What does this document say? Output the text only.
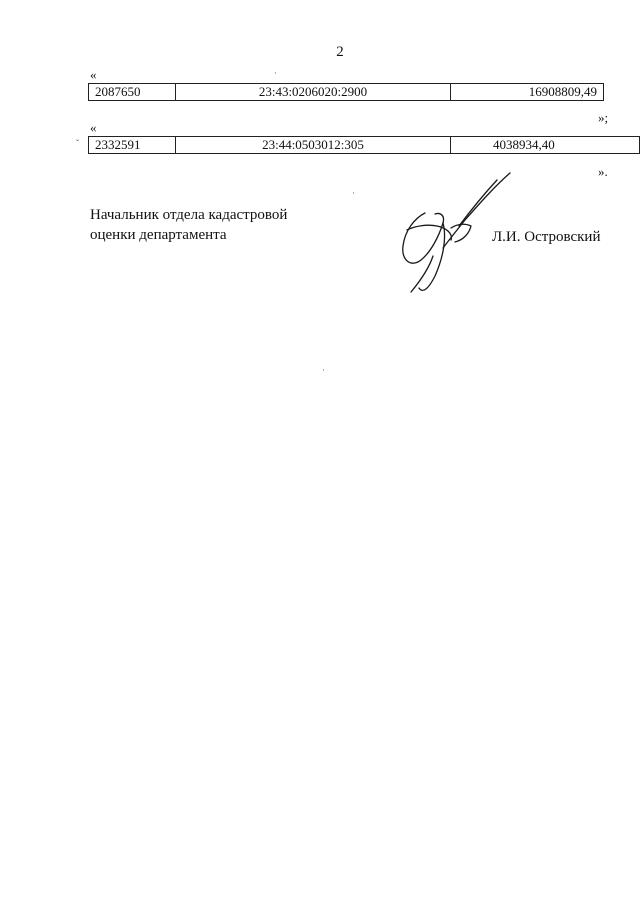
2
«
2087650	23:43:0206020:2900	16908809,49
»;
«
2332591	23:44:0503012:305	4038934,40
».
Начальник отдела кадастровой
оценки департамента	Л.И. Островский
·
ˇ
·
·
